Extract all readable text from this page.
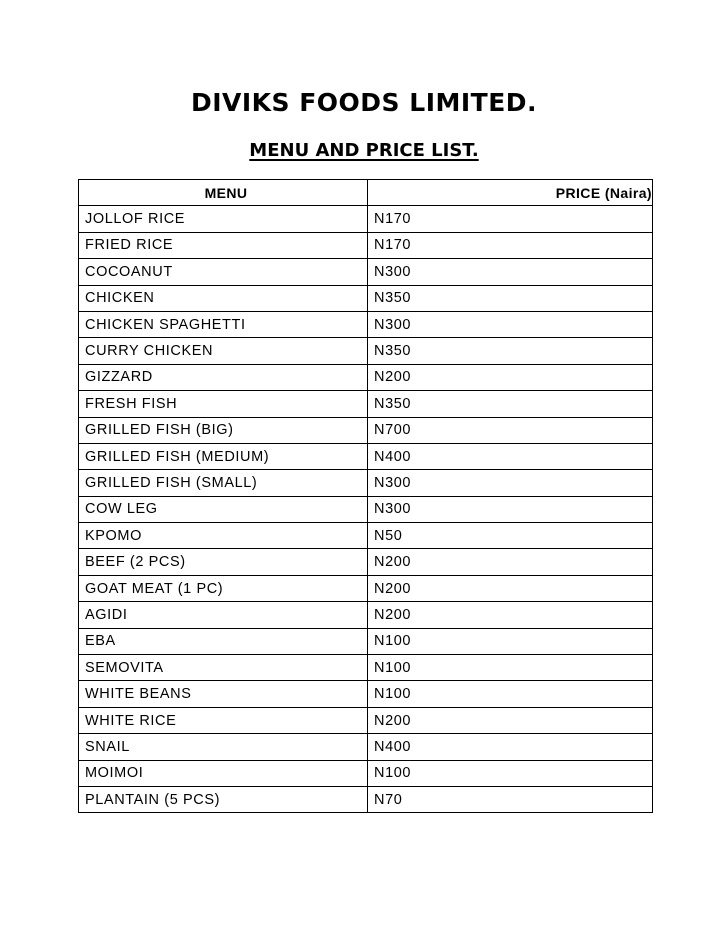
DIVIKS FOODS LIMITED.
MENU AND PRICE LIST.
MENU	PRICE (Naira)
JOLLOF RICE	N170
FRIED RICE	N170
COCOANUT	N300
CHICKEN	N350
CHICKEN SPAGHETTI	N300
CURRY CHICKEN	N350
GIZZARD	N200
FRESH FISH	N350
GRILLED FISH (BIG)	N700
GRILLED FISH (MEDIUM)	N400
GRILLED FISH (SMALL)	N300
COW LEG	N300
KPOMO	N50
BEEF (2 PCS)	N200
GOAT MEAT (1 PC)	N200
AGIDI	N200
EBA	N100
SEMOVITA	N100
WHITE BEANS	N100
WHITE RICE	N200
SNAIL	N400
MOIMOI	N100
PLANTAIN (5 PCS)	N70
